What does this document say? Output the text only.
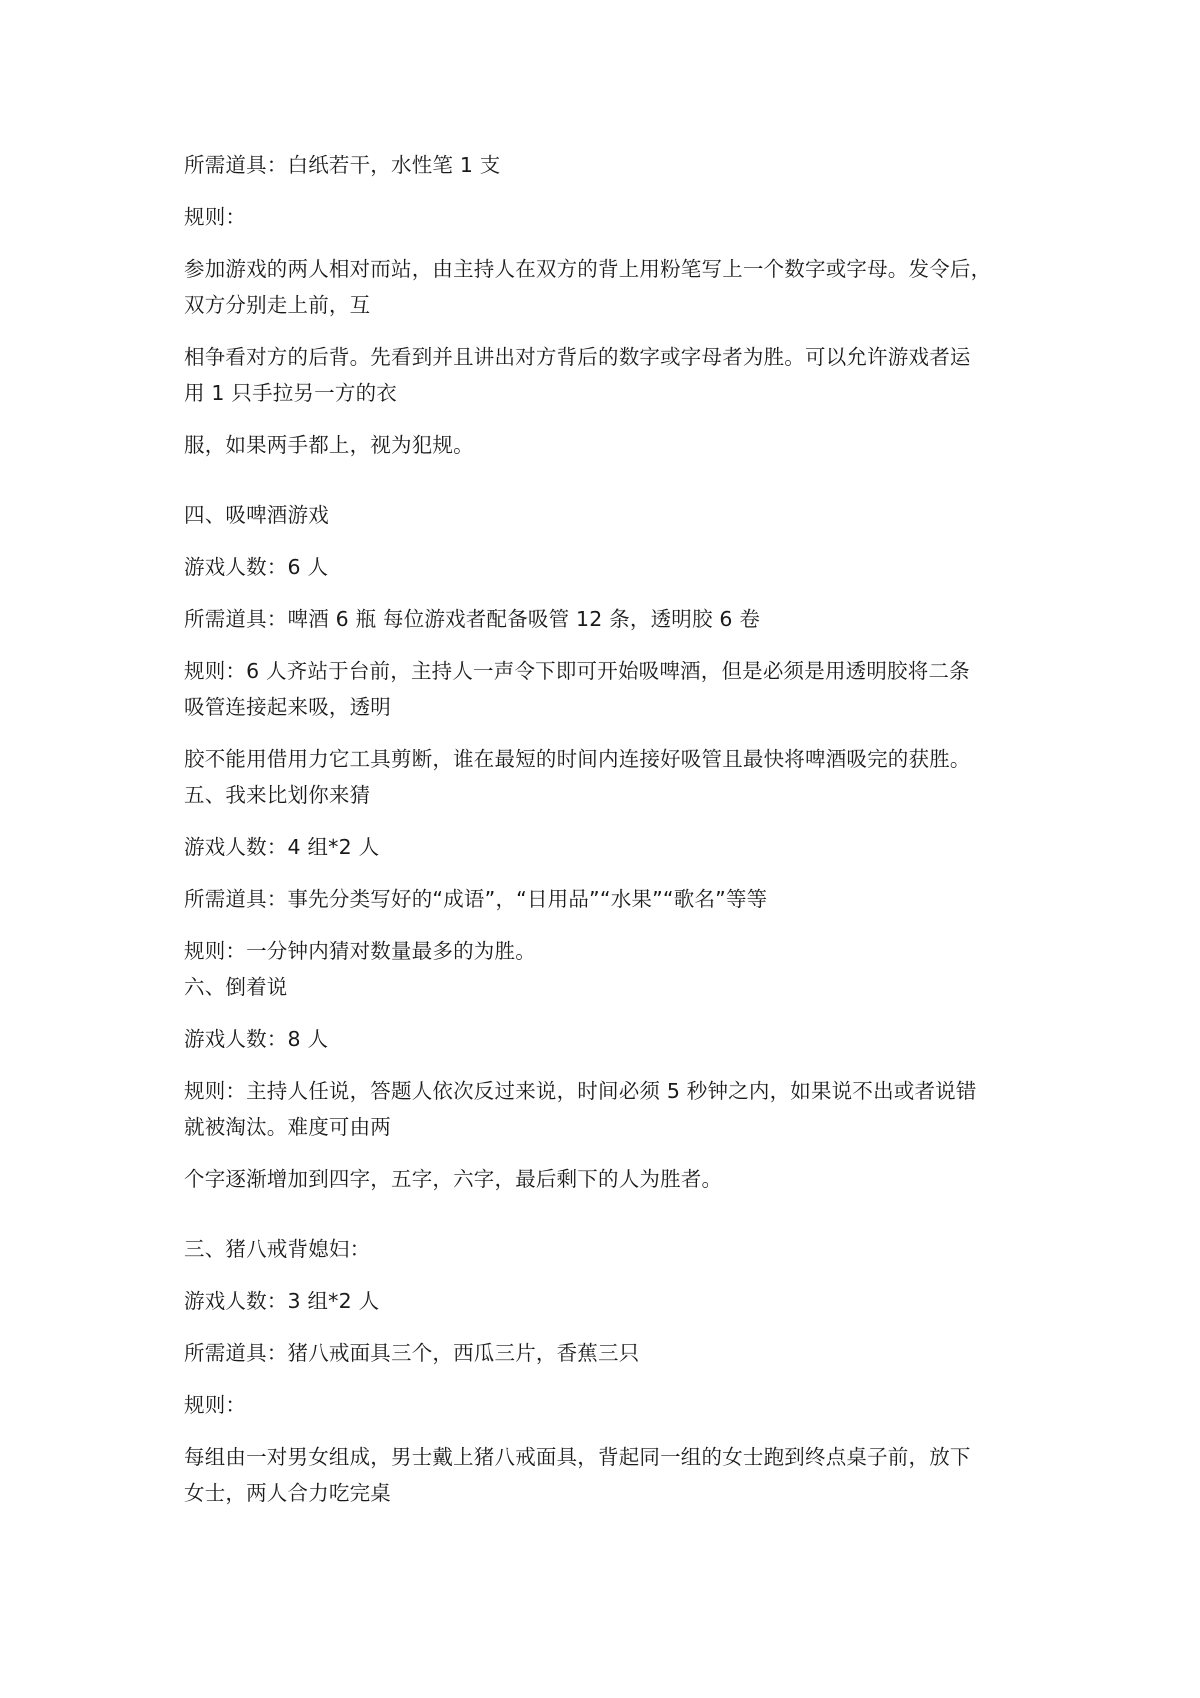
所需道具：白纸若干，水性笔 1 支
规则：
参加游戏的两人相对而站，由主持人在双方的背上用粉笔写上一个数字或字母。发令后，
双方分别走上前，互
相争看对方的后背。先看到并且讲出对方背后的数字或字母者为胜。可以允许游戏者运
用 1 只手拉另一方的衣
服，如果两手都上，视为犯规。
四、吸啤酒游戏
游戏人数：6 人
所需道具：啤酒 6 瓶 每位游戏者配备吸管 12 条，透明胶 6 卷
规则：6 人齐站于台前，主持人一声令下即可开始吸啤酒，但是必须是用透明胶将二条
吸管连接起来吸，透明
胶不能用借用力它工具剪断，谁在最短的时间内连接好吸管且最快将啤酒吸完的获胜。
五、我来比划你来猜
游戏人数：4 组*2 人
所需道具：事先分类写好的“成语”，“日用品”“水果”“歌名”等等
规则：一分钟内猜对数量最多的为胜。
六、倒着说
游戏人数：8 人
规则：主持人任说，答题人依次反过来说，时间必须 5 秒钟之内，如果说不出或者说错
就被淘汰。难度可由两
个字逐渐增加到四字，五字，六字，最后剩下的人为胜者。
三、猪八戒背媳妇：
游戏人数：3 组*2 人
所需道具：猪八戒面具三个，西瓜三片，香蕉三只
规则：
每组由一对男女组成，男士戴上猪八戒面具，背起同一组的女士跑到终点桌子前，放下
女士，两人合力吃完桌
